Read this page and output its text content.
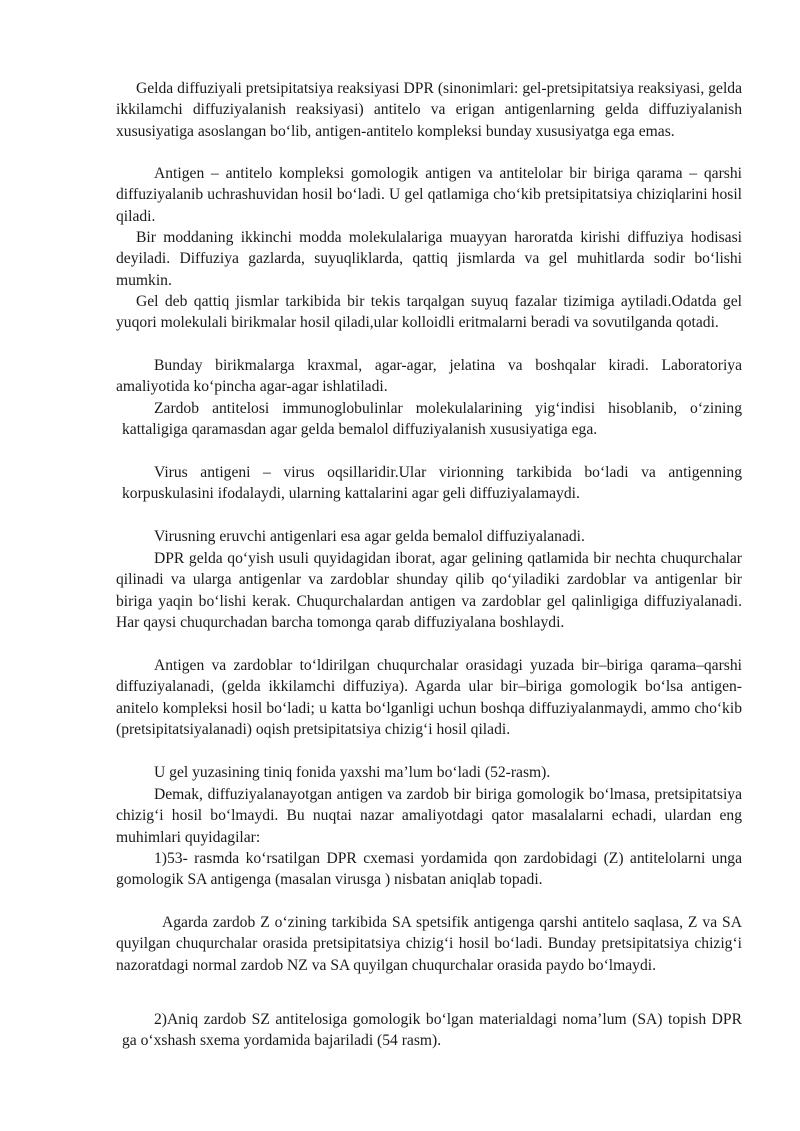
Gelda diffuziyali pretsipitatsiya reaksiyasi DPR (sinonimlari: gel-pretsipitatsiya reaksiyasi, gelda ikkilamchi diffuziyalanish reaksiyasi) antitelo va erigan antigenlarning gelda diffuziyalanish xususiyatiga asoslangan boʻlib, antigen-antitelo kompleksi bunday xususiyatga ega emas.

Antigen – antitelo kompleksi gomologik antigen va antitelolar bir biriga qarama – qarshi diffuziyalanib uchrashuvidan hosil boʻladi. U gel qatlamiga choʻkib pretsipitatsiya chiziqlarini hosil qiladi.

Bir moddaning ikkinchi modda molekulalariga muayyan haroratda kirishi diffuziya hodisasi deyiladi. Diffuziya gazlarda, suyuqliklarda, qattiq jismlarda va gel muhitlarda sodir boʻlishi mumkin.

Gel deb qattiq jismlar tarkibida bir tekis tarqalgan suyuq fazalar tizimiga aytiladi.Odatda gel yuqori molekulali birikmalar hosil qiladi,ular kolloidli eritmalarni beradi va sovutilganda qotadi.

Bunday birikmalarga kraxmal, agar-agar, jelatina va boshqalar kiradi. Laboratoriya amaliyotida koʻpincha agar-agar ishlatiladi.

Zardob antitelosi immunoglobulinlar molekulalarining yigʻindisi hisoblanib, oʻzining kattaligiga qaramasdan agar gelda bemalol diffuziyalanish xususiyatiga ega.

Virus antigeni – virus oqsillaridir.Ular virionning tarkibida boʻladi va antigenning korpuskulasini ifodalaydi, ularning kattalarini agar geli diffuziyalamaydi.

Virusning eruvchi antigenlari esa agar gelda bemalol diffuziyalanadi.

DPR gelda qoʻyish usuli quyidagidan iborat, agar gelining qatlamida bir nechta chuqurchalar qilinadi va ularga antigenlar va zardoblar shunday qilib qoʻyiladiki zardoblar va antigenlar bir biriga yaqin boʻlishi kerak. Chuqurchalardan antigen va zardoblar gel qalinligiga diffuziyalanadi. Har qaysi chuqurchadan barcha tomonga qarab diffuziyalana boshlaydi.

Antigen va zardoblar toʻldirilgan chuqurchalar orasidagi yuzada bir–biriga qarama–qarshi diffuziyalanadi, (gelda ikkilamchi diffuziya). Agarda ular bir–biriga gomologik boʻlsa antigen- anitelo kompleksi hosil boʻladi; u katta boʻlganligi uchun boshqa diffuziyalanmaydi, ammo choʻkib (pretsipitatsiyalanadi) oqish pretsipitatsiya chizigʻi hosil qiladi.

U gel yuzasining tiniq fonida yaxshi maʼlum boʻladi (52-rasm).

Demak, diffuziyalanayotgan antigen va zardob bir biriga gomologik boʻlmasa, pretsipitatsiya chizigʻi hosil boʻlmaydi. Bu nuqtai nazar amaliyotdagi qator masalalarni echadi, ulardan eng muhimlari quyidagilar:

1)53- rasmda koʻrsatilgan DPR cxemasi yordamida qon zardobidagi (Z) antitelolarni unga gomologik SA antigenga (masalan virusga ) nisbatan aniqlab topadi.

Agarda zardob Z oʻzining tarkibida SA spetsifik antigenga qarshi antitelo saqlasa, Z va SA quyilgan chuqurchalar orasida pretsipitatsiya chizigʻi hosil boʻladi. Bunday pretsipitatsiya chizigʻi nazoratdagi normal zardob NZ va SA quyilgan chuqurchalar orasida paydo boʻlmaydi.

2)Aniq zardob SZ antitelosiga gomologik boʻlgan materialdagi nomaʼlum (SA) topish DPR ga oʻxshash sxema yordamida bajariladi (54 rasm).
